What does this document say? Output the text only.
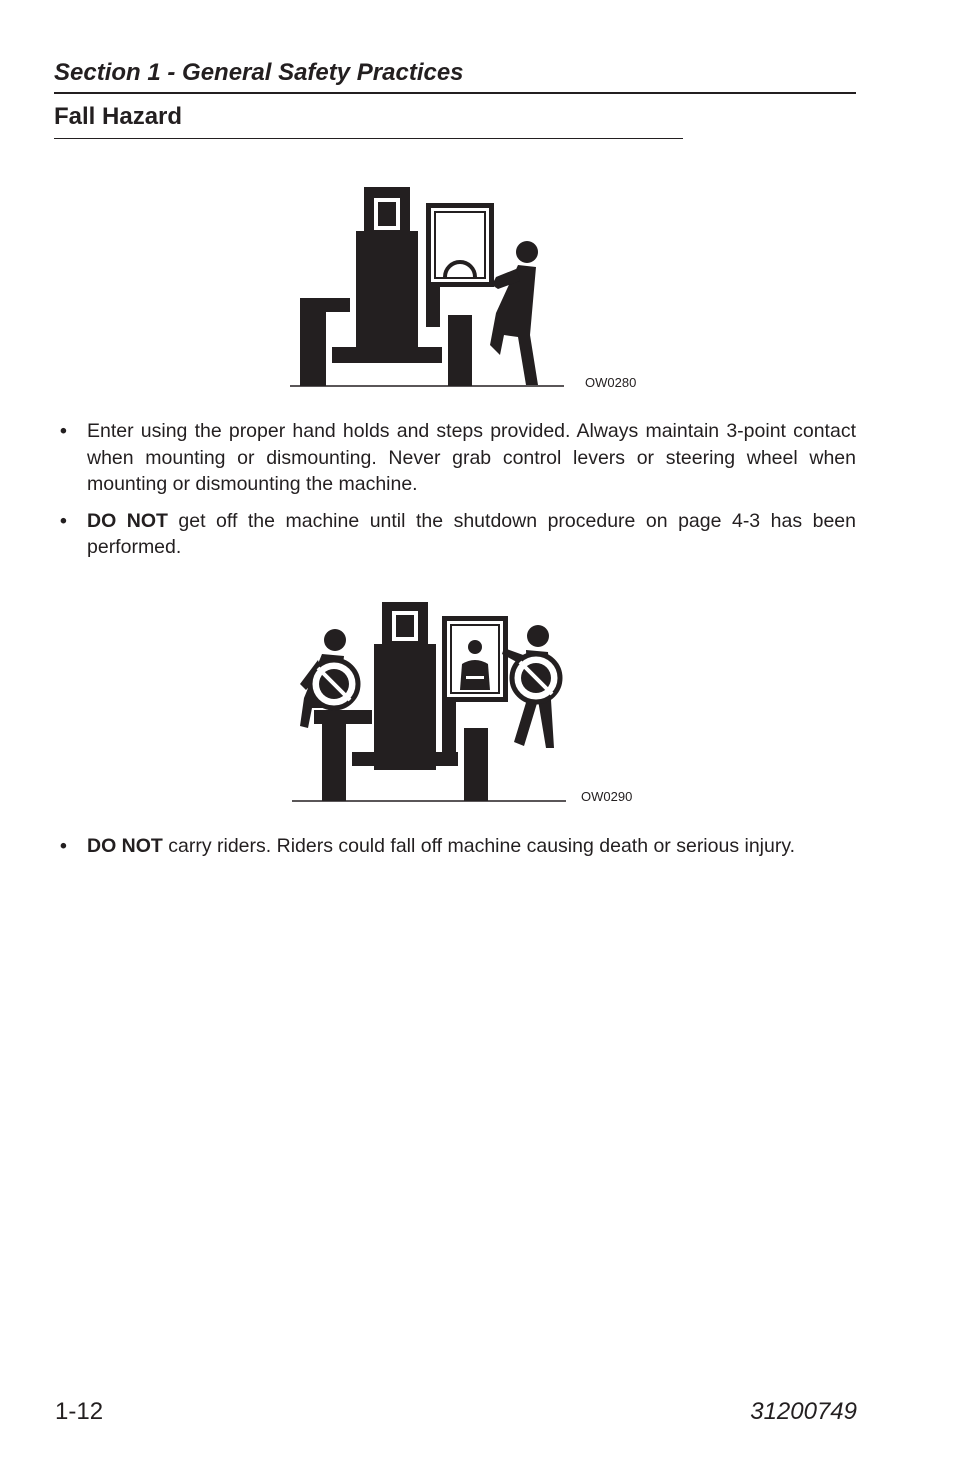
Section 1 - General Safety Practices
Fall Hazard
OW0280
• Enter using the proper hand holds and steps provided. Always maintain 3-point contact when mounting or dismounting. Never grab control levers or steering wheel when mounting or dismounting the machine.
• DO NOT get off the machine until the shutdown procedure on page 4-3 has been performed.
OW0290
• DO NOT carry riders. Riders could fall off machine causing death or serious injury.
1-12	31200749
